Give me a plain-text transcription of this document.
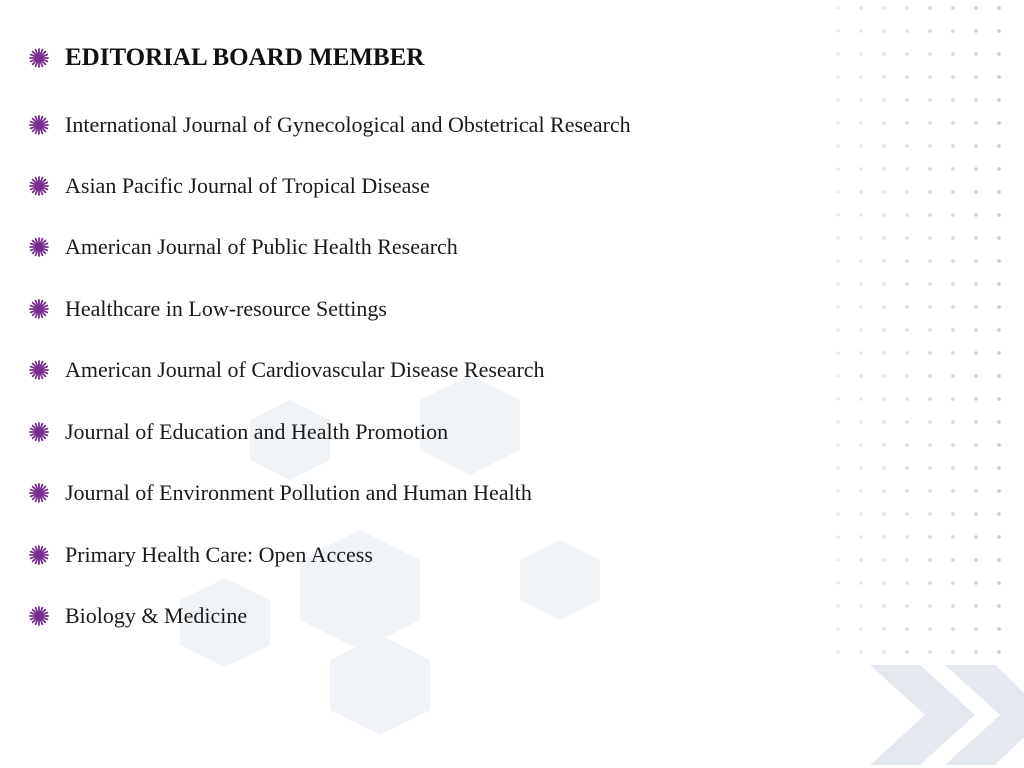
EDITORIAL BOARD MEMBER
International Journal of Gynecological and Obstetrical Research
Asian Pacific Journal of Tropical Disease
American Journal of Public Health Research
Healthcare in Low-resource Settings
American Journal of Cardiovascular Disease Research
Journal of Education and Health Promotion
Journal of Environment Pollution and Human Health
Primary Health Care: Open Access
Biology & Medicine
